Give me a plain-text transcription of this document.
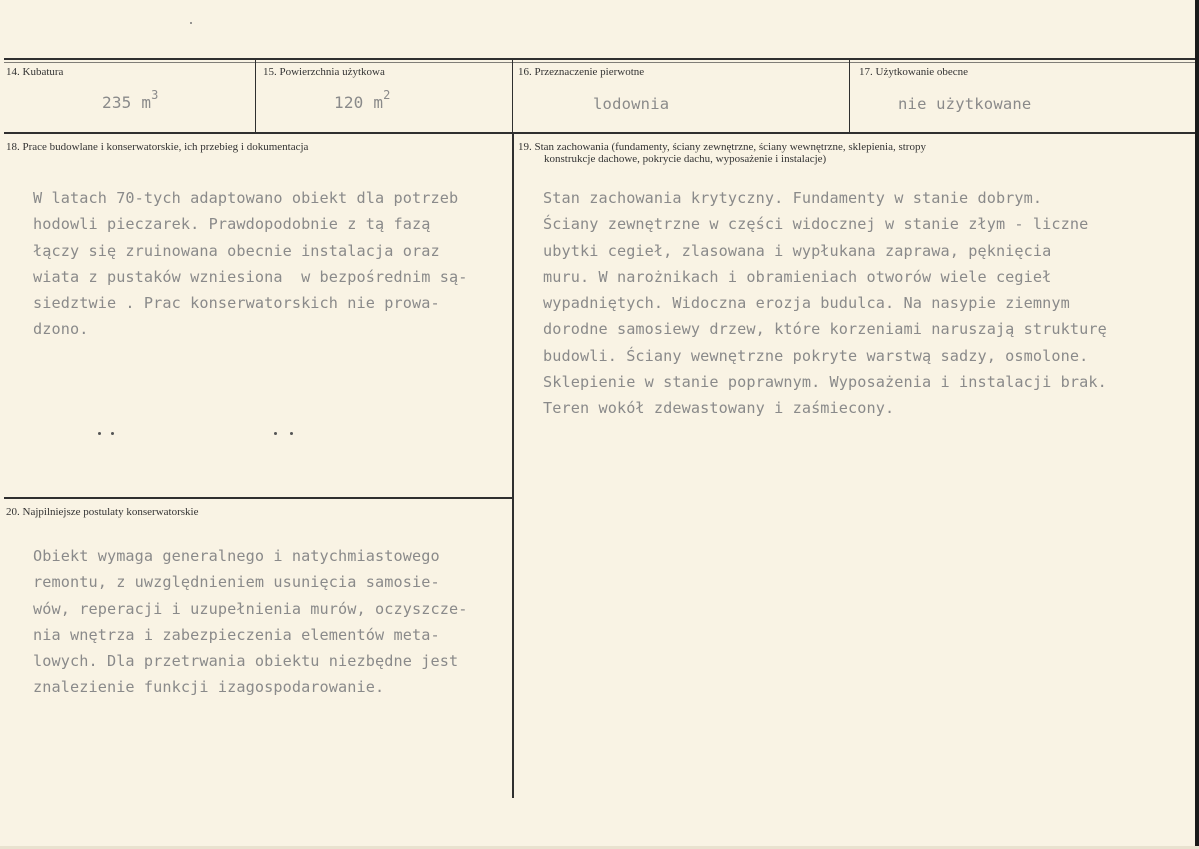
14. Kubatura
235 $m^3$
15. Powierzchnia użytkowa
120 $m^2$
16. Przeznaczenie pierwotne
lodownia
17. Użytkowanie obecne
nie użytkowane
18. Prace budowlane i konserwatorskie, ich przebieg i dokumentacja
W latach 70-tych adaptowano obiekt dla potrzeb
hodowli pieczarek. Prawdopodobnie z tą fazą
łączy się zruinowana obecnie instalacja oraz
wiata z pustaków wzniesiona  w bezpośrednim są-
siedztwie . Prac konserwatorskich nie prowa-
dzono.
19. Stan zachowania (fundamenty, ściany zewnętrzne, ściany wewnętrzne, sklepienia, stropy
konstrukcje dachowe, pokrycie dachu, wyposażenie i instalacje)
Stan zachowania krytyczny. Fundamenty w stanie dobrym.
Ściany zewnętrzne w części widocznej w stanie złym - liczne
ubytki cegieł, zlasowana i wypłukana zaprawa, pęknięcia
muru. W narożnikach i obramieniach otworów wiele cegieł
wypadniętych. Widoczna erozja budulca. Na nasypie ziemnym
dorodne samosiewy drzew, które korzeniami naruszają strukturę
budowli. Ściany wewnętrzne pokryte warstwą sadzy, osmolone.
Sklepienie w stanie poprawnym. Wyposażenia i instalacji brak.
Teren wokół zdewastowany i zaśmiecony.
20. Najpilniejsze postulaty konserwatorskie
Obiekt wymaga generalnego i natychmiastowego
remontu, z uwzględnieniem usunięcia samosie-
wów, reperacji i uzupełnienia murów, oczyszcze-
nia wnętrza i zabezpieczenia elementów meta-
lowych. Dla przetrwania obiektu niezbędne jest
znalezienie funkcji izagospodarowanie.
